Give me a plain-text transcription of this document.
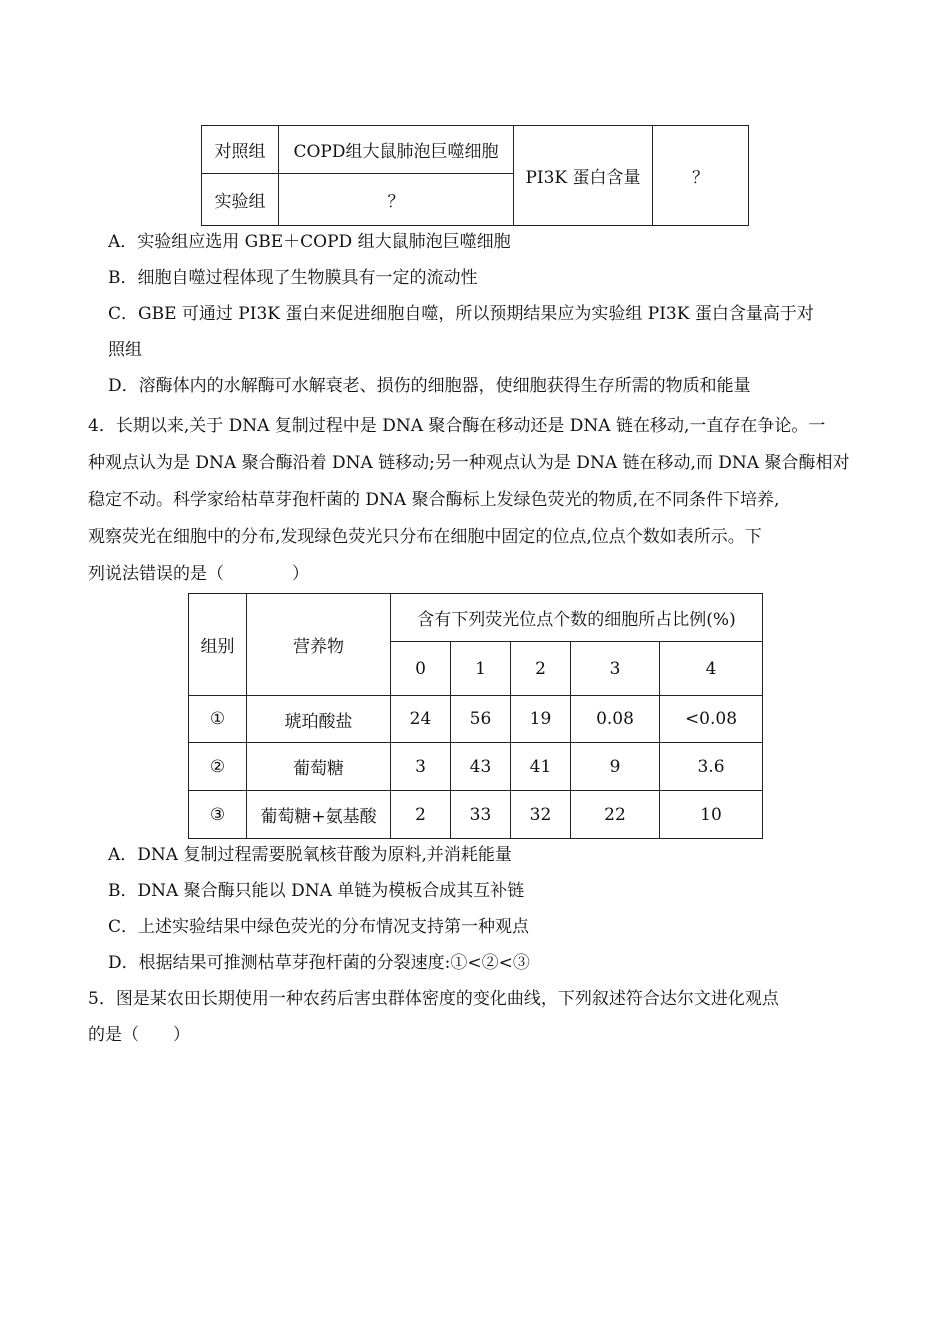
对照组	COPD组大鼠肺泡巨噬细胞	PI3K 蛋白含量	？
实验组	？		
A．实验组应选用 GBE＋COPD 组大鼠肺泡巨噬细胞
B．细胞自噬过程体现了生物膜具有一定的流动性
C．GBE 可通过 PI3K 蛋白来促进细胞自噬，所以预期结果应为实验组 PI3K 蛋白含量高于对
照组
D．溶酶体内的水解酶可水解衰老、损伤的细胞器，使细胞获得生存所需的物质和能量
4．长期以来,关于 DNA 复制过程中是 DNA 聚合酶在移动还是 DNA 链在移动,一直存在争论。一
种观点认为是 DNA 聚合酶沿着 DNA 链移动;另一种观点认为是 DNA 链在移动,而 DNA 聚合酶相对
稳定不动。科学家给枯草芽孢杆菌的 DNA 聚合酶标上发绿色荧光的物质,在不同条件下培养,
观察荧光在细胞中的分布,发现绿色荧光只分布在细胞中固定的位点,位点个数如表所示。下
列说法错误的是（　　　　）
组别	营养物	含有下列荧光位点个数的细胞所占比例(%)				
		0	1	2	3	4
①	琥珀酸盐	24	56	19	0.08	<0.08
②	葡萄糖	3	43	41	9	3.6
③	葡萄糖+氨基酸	2	33	32	22	10
A．DNA 复制过程需要脱氧核苷酸为原料,并消耗能量
B．DNA 聚合酶只能以 DNA 单链为模板合成其互补链
C．上述实验结果中绿色荧光的分布情况支持第一种观点
D．根据结果可推测枯草芽孢杆菌的分裂速度:①<②<③
5．图是某农田长期使用一种农药后害虫群体密度的变化曲线，下列叙述符合达尔文进化观点
的是（　　）
